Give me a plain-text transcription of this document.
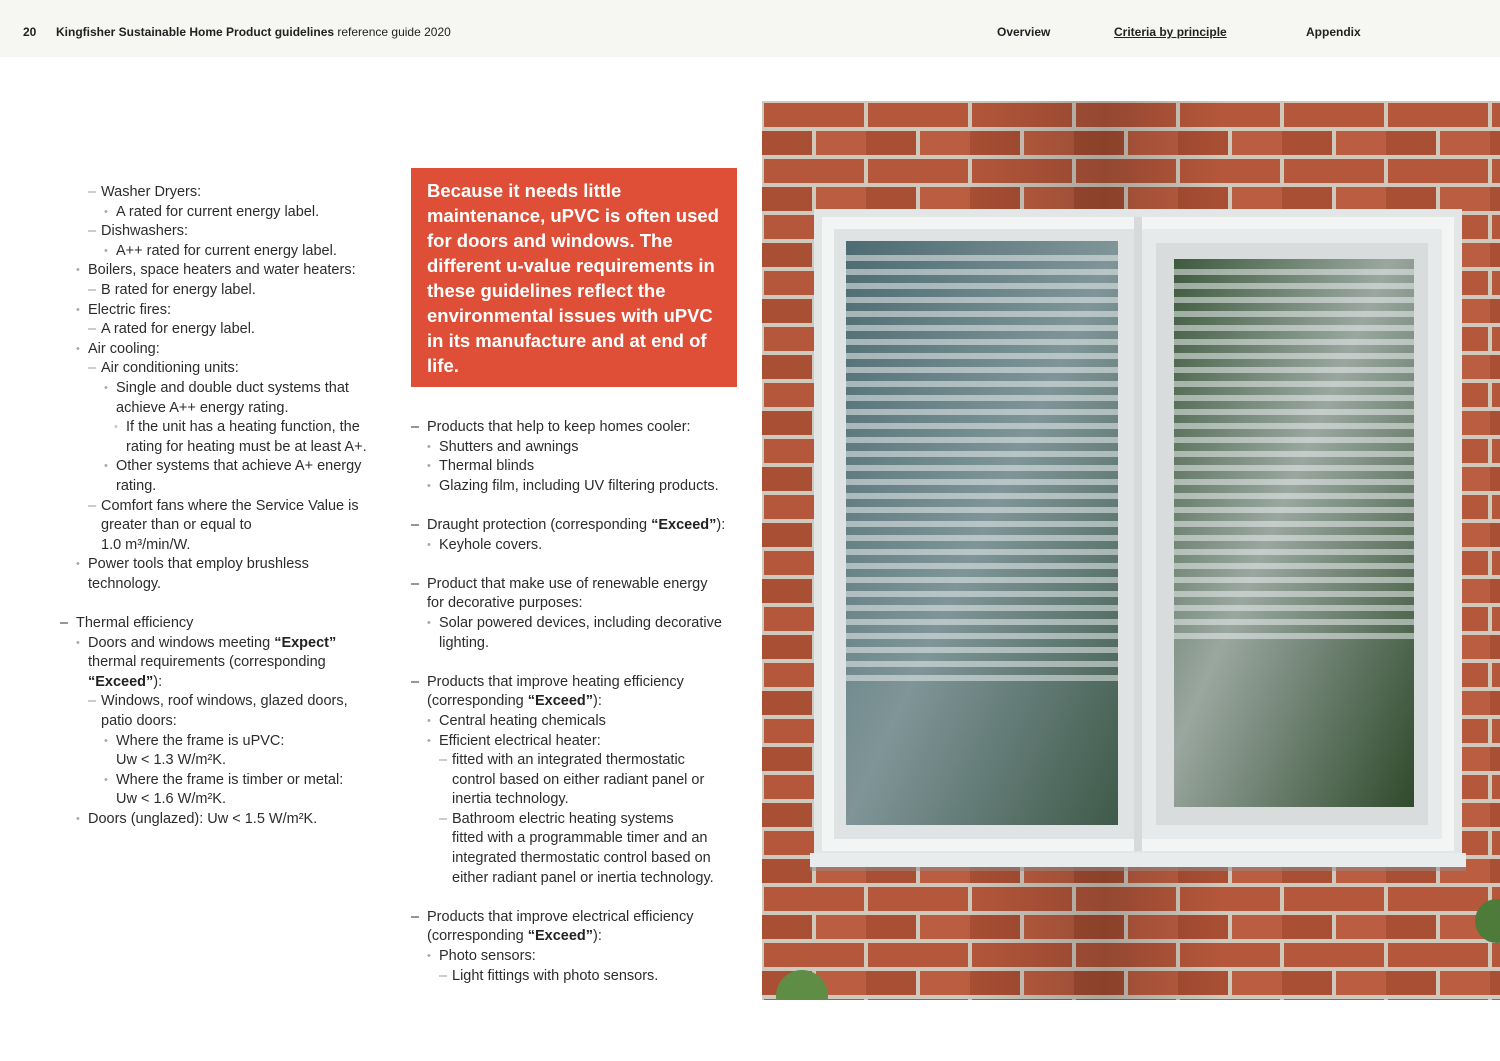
20 Kingfisher Sustainable Home Product guidelines reference guide 2020	Overview	Criteria by principle	Appendix
– Washer Dryers:
• A rated for current energy label.
– Dishwashers:
• A++ rated for current energy label.
• Boilers, space heaters and water heaters:
– B rated for energy label.
• Electric fires:
– A rated for energy label.
• Air cooling:
– Air conditioning units:
• Single and double duct systems that
achieve A++ energy rating.
• If the unit has a heating function, the
rating for heating must be at least A+.
• Other systems that achieve A+ energy
rating.
– Comfort fans where the Service Value is
greater than or equal to
1.0 m³/min/W.
• Power tools that employ brushless
technology.
– Thermal efficiency
• Doors and windows meeting “Expect”
thermal requirements (corresponding
“Exceed”):
– Windows, roof windows, glazed doors,
patio doors:
• Where the frame is uPVC:
Uw < 1.3 W/m²K.
• Where the frame is timber or metal:
Uw < 1.6 W/m²K.
• Doors (unglazed): Uw < 1.5 W/m²K.

Because it needs little maintenance, uPVC is often used for doors and windows. The different u-value requirements in these guidelines reflect the environmental issues with uPVC in its manufacture and at end of life.

– Products that help to keep homes cooler:
• Shutters and awnings
• Thermal blinds
• Glazing film, including UV filtering products.
– Draught protection (corresponding “Exceed”):
• Keyhole covers.
– Product that make use of renewable energy
for decorative purposes:
• Solar powered devices, including decorative
lighting.
– Products that improve heating efficiency
(corresponding “Exceed”):
• Central heating chemicals
• Efficient electrical heater:
– fitted with an integrated thermostatic
control based on either radiant panel or
inertia technology.
– Bathroom electric heating systems
fitted with a programmable timer and an
integrated thermostatic control based on
either radiant panel or inertia technology.
– Products that improve electrical efficiency
(corresponding “Exceed”):
• Photo sensors:
– Light fittings with photo sensors.
